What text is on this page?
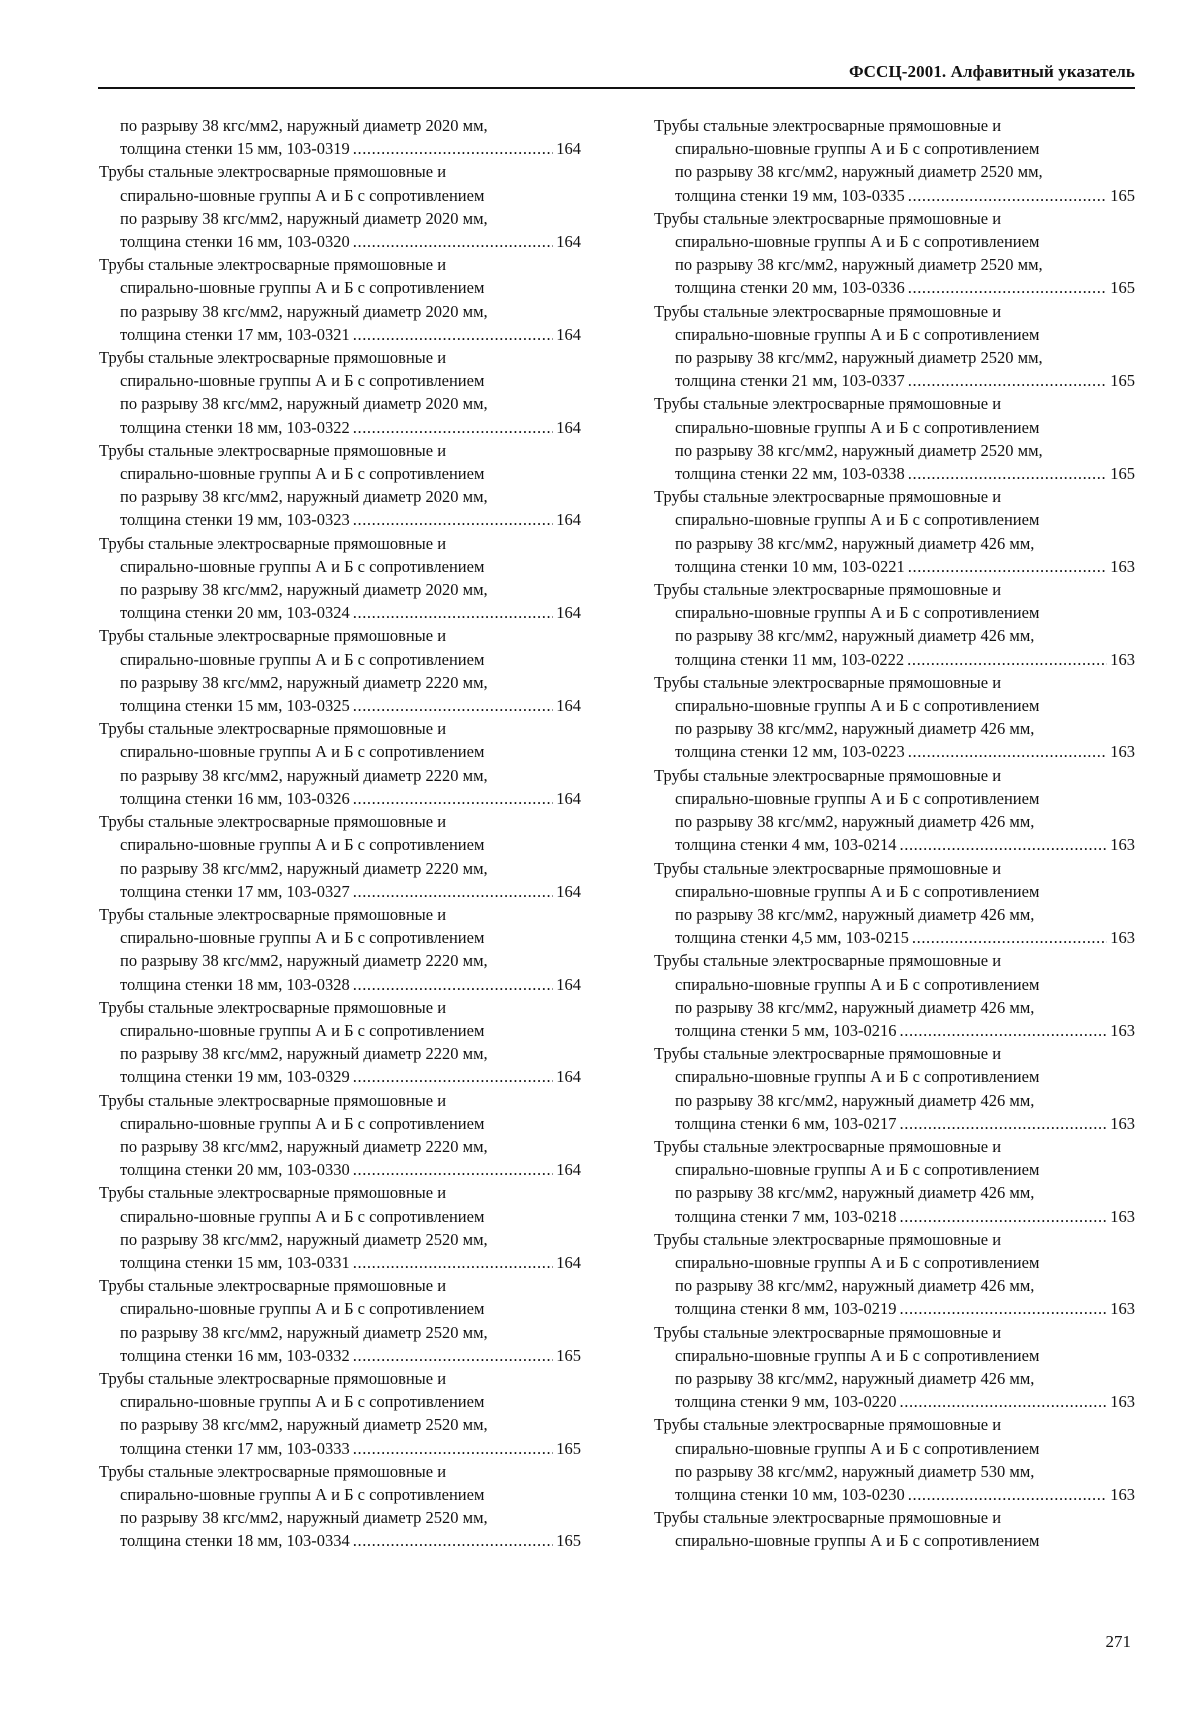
ФССЦ-2001. Алфавитный указатель
по разрыву 38 кгс/мм2, наружный диаметр 2020 мм,
толщина стенки 15 мм, 103-0319 .....	164
Трубы стальные электросварные прямошовные и
спирально-шовные группы А и Б с сопротивлением
по разрыву 38 кгс/мм2, наружный диаметр 2020 мм,
толщина стенки 16 мм, 103-0320 .....	164
Трубы стальные электросварные прямошовные и
спирально-шовные группы А и Б с сопротивлением
по разрыву 38 кгс/мм2, наружный диаметр 2020 мм,
толщина стенки 17 мм, 103-0321 .....	164
Трубы стальные электросварные прямошовные и
спирально-шовные группы А и Б с сопротивлением
по разрыву 38 кгс/мм2, наружный диаметр 2020 мм,
толщина стенки 18 мм, 103-0322 .....	164
Трубы стальные электросварные прямошовные и
спирально-шовные группы А и Б с сопротивлением
по разрыву 38 кгс/мм2, наружный диаметр 2020 мм,
толщина стенки 19 мм, 103-0323 .....	164
Трубы стальные электросварные прямошовные и
спирально-шовные группы А и Б с сопротивлением
по разрыву 38 кгс/мм2, наружный диаметр 2020 мм,
толщина стенки 20 мм, 103-0324 .....	164
Трубы стальные электросварные прямошовные и
спирально-шовные группы А и Б с сопротивлением
по разрыву 38 кгс/мм2, наружный диаметр 2220 мм,
толщина стенки 15 мм, 103-0325 .....	164
Трубы стальные электросварные прямошовные и
спирально-шовные группы А и Б с сопротивлением
по разрыву 38 кгс/мм2, наружный диаметр 2220 мм,
толщина стенки 16 мм, 103-0326 .....	164
Трубы стальные электросварные прямошовные и
спирально-шовные группы А и Б с сопротивлением
по разрыву 38 кгс/мм2, наружный диаметр 2220 мм,
толщина стенки 17 мм, 103-0327 .....	164
Трубы стальные электросварные прямошовные и
спирально-шовные группы А и Б с сопротивлением
по разрыву 38 кгс/мм2, наружный диаметр 2220 мм,
толщина стенки 18 мм, 103-0328 .....	164
Трубы стальные электросварные прямошовные и
спирально-шовные группы А и Б с сопротивлением
по разрыву 38 кгс/мм2, наружный диаметр 2220 мм,
толщина стенки 19 мм, 103-0329 .....	164
Трубы стальные электросварные прямошовные и
спирально-шовные группы А и Б с сопротивлением
по разрыву 38 кгс/мм2, наружный диаметр 2220 мм,
толщина стенки 20 мм, 103-0330 .....	164
Трубы стальные электросварные прямошовные и
спирально-шовные группы А и Б с сопротивлением
по разрыву 38 кгс/мм2, наружный диаметр 2520 мм,
толщина стенки 15 мм, 103-0331 .....	164
Трубы стальные электросварные прямошовные и
спирально-шовные группы А и Б с сопротивлением
по разрыву 38 кгс/мм2, наружный диаметр 2520 мм,
толщина стенки 16 мм, 103-0332 .....	165
Трубы стальные электросварные прямошовные и
спирально-шовные группы А и Б с сопротивлением
по разрыву 38 кгс/мм2, наружный диаметр 2520 мм,
толщина стенки 17 мм, 103-0333 .....	165
Трубы стальные электросварные прямошовные и
спирально-шовные группы А и Б с сопротивлением
по разрыву 38 кгс/мм2, наружный диаметр 2520 мм,
толщина стенки 18 мм, 103-0334 .....	165
Трубы стальные электросварные прямошовные и
спирально-шовные группы А и Б с сопротивлением
по разрыву 38 кгс/мм2, наружный диаметр 2520 мм,
толщина стенки 19 мм, 103-0335 .....	165
Трубы стальные электросварные прямошовные и
спирально-шовные группы А и Б с сопротивлением
по разрыву 38 кгс/мм2, наружный диаметр 2520 мм,
толщина стенки 20 мм, 103-0336 .....	165
Трубы стальные электросварные прямошовные и
спирально-шовные группы А и Б с сопротивлением
по разрыву 38 кгс/мм2, наружный диаметр 2520 мм,
толщина стенки 21 мм, 103-0337 .....	165
Трубы стальные электросварные прямошовные и
спирально-шовные группы А и Б с сопротивлением
по разрыву 38 кгс/мм2, наружный диаметр 2520 мм,
толщина стенки 22 мм, 103-0338 .....	165
Трубы стальные электросварные прямошовные и
спирально-шовные группы А и Б с сопротивлением
по разрыву 38 кгс/мм2, наружный диаметр 426 мм,
толщина стенки 10 мм, 103-0221 .....	163
Трубы стальные электросварные прямошовные и
спирально-шовные группы А и Б с сопротивлением
по разрыву 38 кгс/мм2, наружный диаметр 426 мм,
толщина стенки 11 мм, 103-0222 .....	163
Трубы стальные электросварные прямошовные и
спирально-шовные группы А и Б с сопротивлением
по разрыву 38 кгс/мм2, наружный диаметр 426 мм,
толщина стенки 12 мм, 103-0223 .....	163
Трубы стальные электросварные прямошовные и
спирально-шовные группы А и Б с сопротивлением
по разрыву 38 кгс/мм2, наружный диаметр 426 мм,
толщина стенки 4 мм, 103-0214 .....	163
Трубы стальные электросварные прямошовные и
спирально-шовные группы А и Б с сопротивлением
по разрыву 38 кгс/мм2, наружный диаметр 426 мм,
толщина стенки 4,5 мм, 103-0215 .....	163
Трубы стальные электросварные прямошовные и
спирально-шовные группы А и Б с сопротивлением
по разрыву 38 кгс/мм2, наружный диаметр 426 мм,
толщина стенки 5 мм, 103-0216 .....	163
Трубы стальные электросварные прямошовные и
спирально-шовные группы А и Б с сопротивлением
по разрыву 38 кгс/мм2, наружный диаметр 426 мм,
толщина стенки 6 мм, 103-0217 .....	163
Трубы стальные электросварные прямошовные и
спирально-шовные группы А и Б с сопротивлением
по разрыву 38 кгс/мм2, наружный диаметр 426 мм,
толщина стенки 7 мм, 103-0218 .....	163
Трубы стальные электросварные прямошовные и
спирально-шовные группы А и Б с сопротивлением
по разрыву 38 кгс/мм2, наружный диаметр 426 мм,
толщина стенки 8 мм, 103-0219 .....	163
Трубы стальные электросварные прямошовные и
спирально-шовные группы А и Б с сопротивлением
по разрыву 38 кгс/мм2, наружный диаметр 426 мм,
толщина стенки 9 мм, 103-0220 .....	163
Трубы стальные электросварные прямошовные и
спирально-шовные группы А и Б с сопротивлением
по разрыву 38 кгс/мм2, наружный диаметр 530 мм,
толщина стенки 10 мм, 103-0230 .....	163
Трубы стальные электросварные прямошовные и
спирально-шовные группы А и Б с сопротивлением
271
